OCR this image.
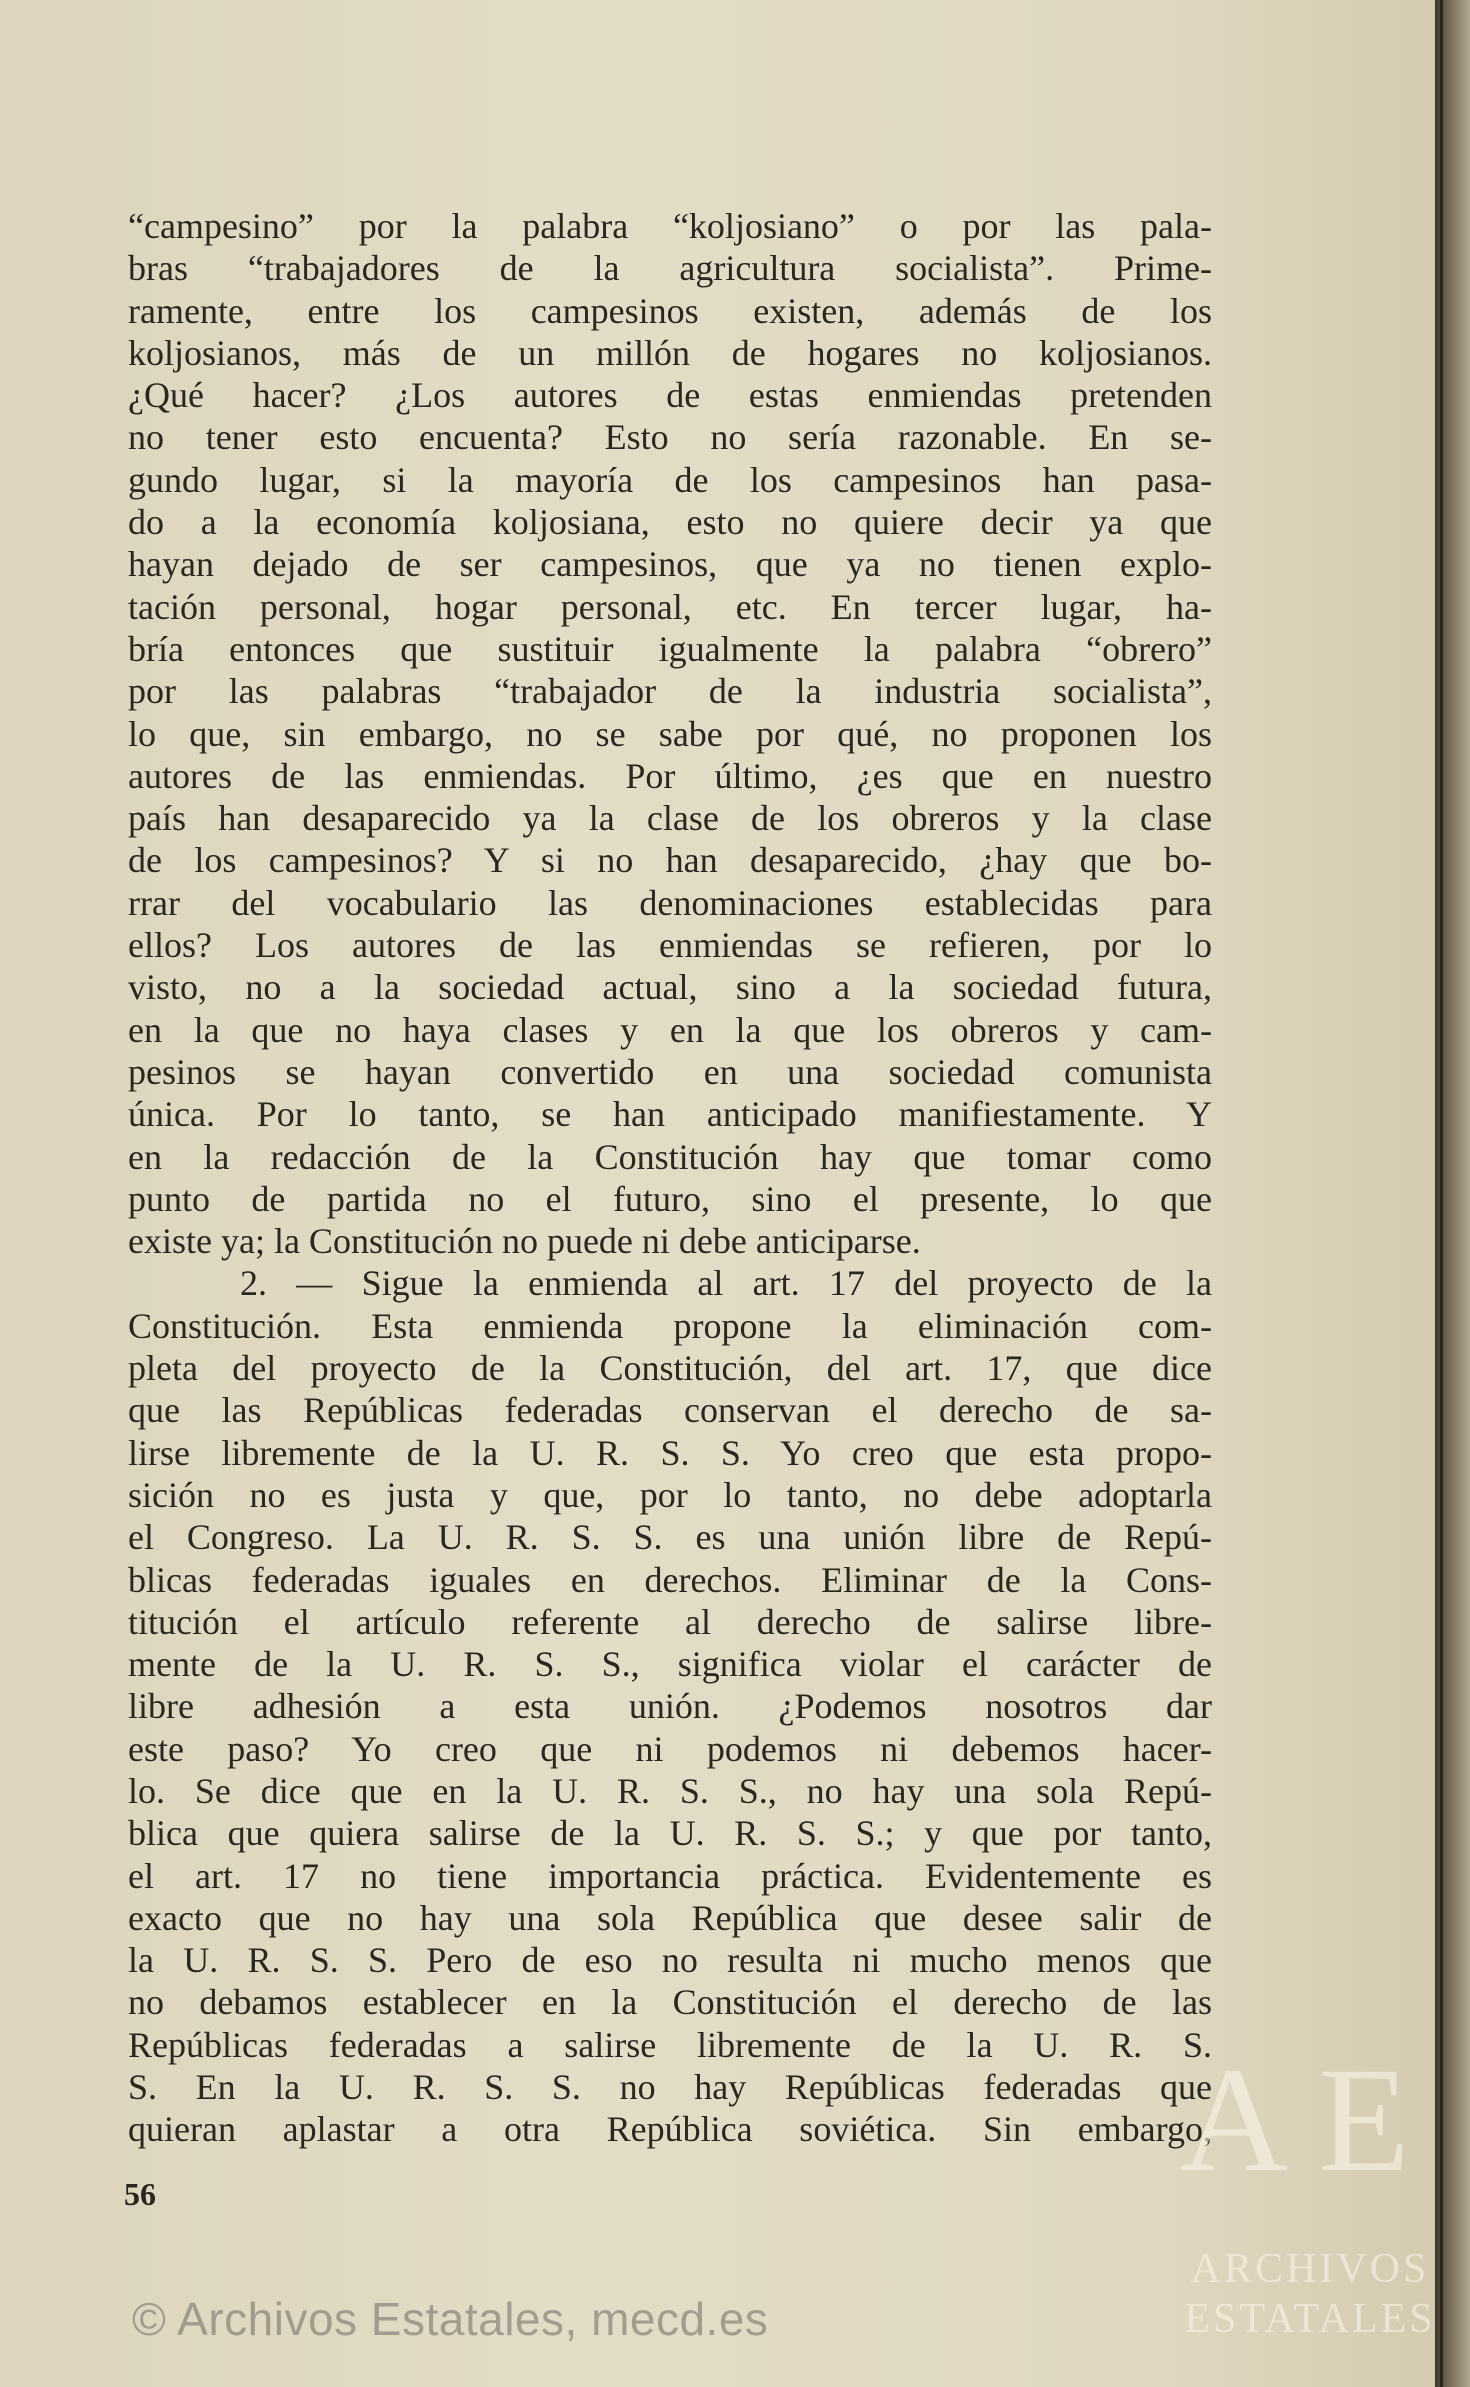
“campesino” por la palabra “koljosiano” o por las pala-
bras “trabajadores de la agricultura socialista”. Prime-
ramente, entre los campesinos existen, además de los
koljosianos, más de un millón de hogares no koljosianos.
¿Qué hacer? ¿Los autores de estas enmiendas pretenden
no tener esto encuenta? Esto no sería razonable. En se-
gundo lugar, si la mayoría de los campesinos han pasa-
do a la economía koljosiana, esto no quiere decir ya que
hayan dejado de ser campesinos, que ya no tienen explo-
tación personal, hogar personal, etc. En tercer lugar, ha-
bría entonces que sustituir igualmente la palabra “obrero”
por las palabras “trabajador de la industria socialista”,
lo que, sin embargo, no se sabe por qué, no proponen los
autores de las enmiendas. Por último, ¿es que en nuestro
país han desaparecido ya la clase de los obreros y la clase
de los campesinos? Y si no han desaparecido, ¿hay que bo-
rrar del vocabulario las denominaciones establecidas para
ellos? Los autores de las enmiendas se refieren, por lo
visto, no a la sociedad actual, sino a la sociedad futura,
en la que no haya clases y en la que los obreros y cam-
pesinos se hayan convertido en una sociedad comunista
única. Por lo tanto, se han anticipado manifiestamente. Y
en la redacción de la Constitución hay que tomar como
punto de partida no el futuro, sino el presente, lo que
existe ya; la Constitución no puede ni debe anticiparse.
2. — Sigue la enmienda al art. 17 del proyecto de la
Constitución. Esta enmienda propone la eliminación com-
pleta del proyecto de la Constitución, del art. 17, que dice
que las Repúblicas federadas conservan el derecho de sa-
lirse libremente de la U. R. S. S. Yo creo que esta propo-
sición no es justa y que, por lo tanto, no debe adoptarla
el Congreso. La U. R. S. S. es una unión libre de Repú-
blicas federadas iguales en derechos. Eliminar de la Cons-
titución el artículo referente al derecho de salirse libre-
mente de la U. R. S. S., significa violar el carácter de
libre adhesión a esta unión. ¿Podemos nosotros dar
este paso? Yo creo que ni podemos ni debemos hacer-
lo. Se dice que en la U. R. S. S., no hay una sola Repú-
blica que quiera salirse de la U. R. S. S.; y que por tanto,
el art. 17 no tiene importancia práctica. Evidentemente es
exacto que no hay una sola República que desee salir de
la U. R. S. S. Pero de eso no resulta ni mucho menos que
no debamos establecer en la Constitución el derecho de las
Repúblicas federadas a salirse libremente de la U. R. S.
S. En la U. R. S. S. no hay Repúblicas federadas que
quieran aplastar a otra República soviética. Sin embargo,
56
© Archivos Estatales, mecd.es
AE
ARCHIVOS
ESTATALES
